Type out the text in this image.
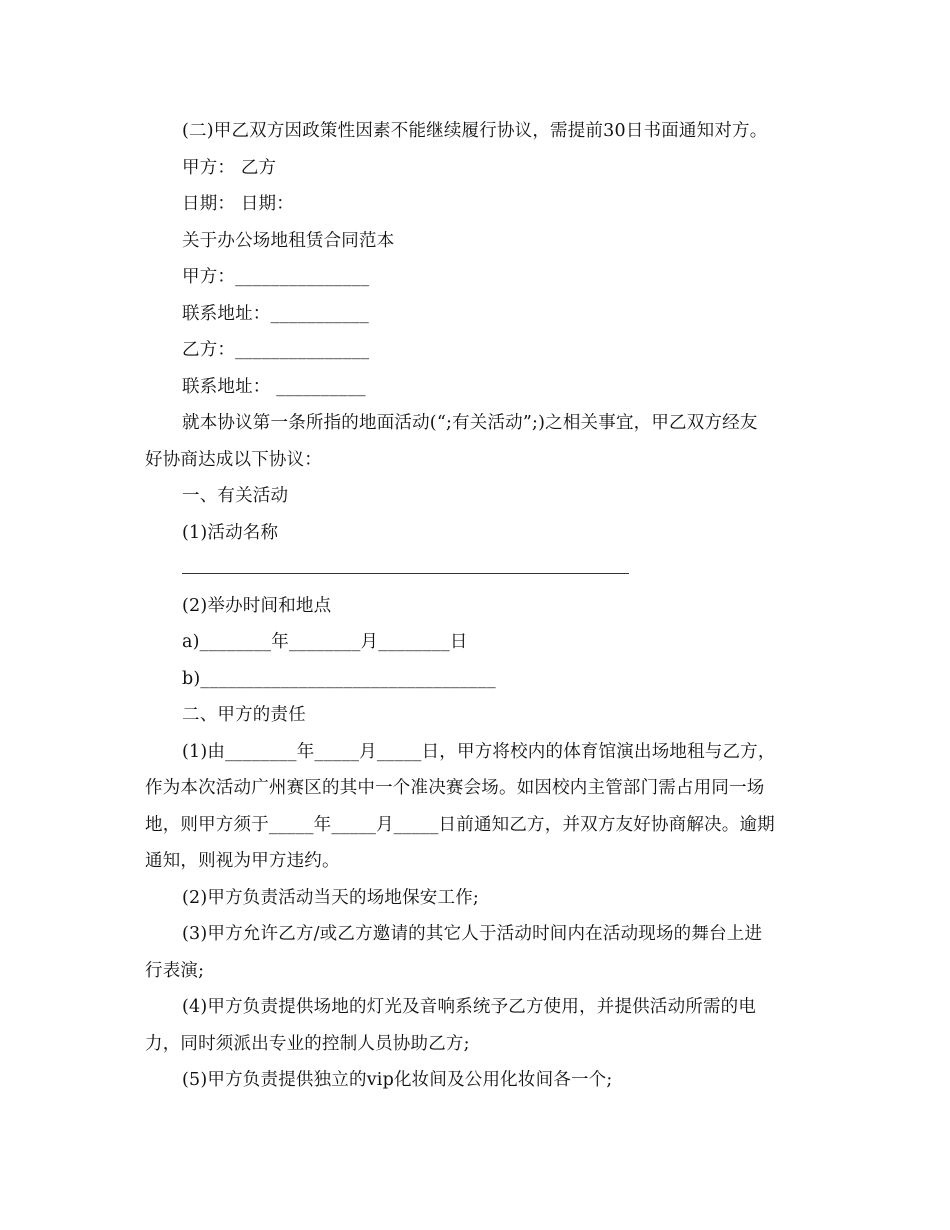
(二)甲乙双方因政策性因素不能继续履行协议，需提前30日书面通知对方。
甲方： 乙方
日期： 日期：
关于办公场地租赁合同范本
甲方：_______________
联系地址：___________
乙方：_______________
联系地址： __________
就本协议第一条所指的地面活动(“;有关活动”;)之相关事宜，甲乙双方经友
好协商达成以下协议：
一、有关活动
(1)活动名称
(2)举办时间和地点
a)________年________月________日
b)_________________________________
二、甲方的责任
(1)由________年_____月_____日，甲方将校内的体育馆演出场地租与乙方，
作为本次活动广州赛区的其中一个准决赛会场。如因校内主管部门需占用同一场
地，则甲方须于_____年_____月_____日前通知乙方，并双方友好协商解决。逾期
通知，则视为甲方违约。
(2)甲方负责活动当天的场地保安工作;
(3)甲方允许乙方/或乙方邀请的其它人于活动时间内在活动现场的舞台上进
行表演;
(4)甲方负责提供场地的灯光及音响系统予乙方使用，并提供活动所需的电
力，同时须派出专业的控制人员协助乙方;
(5)甲方负责提供独立的vip化妆间及公用化妆间各一个;
